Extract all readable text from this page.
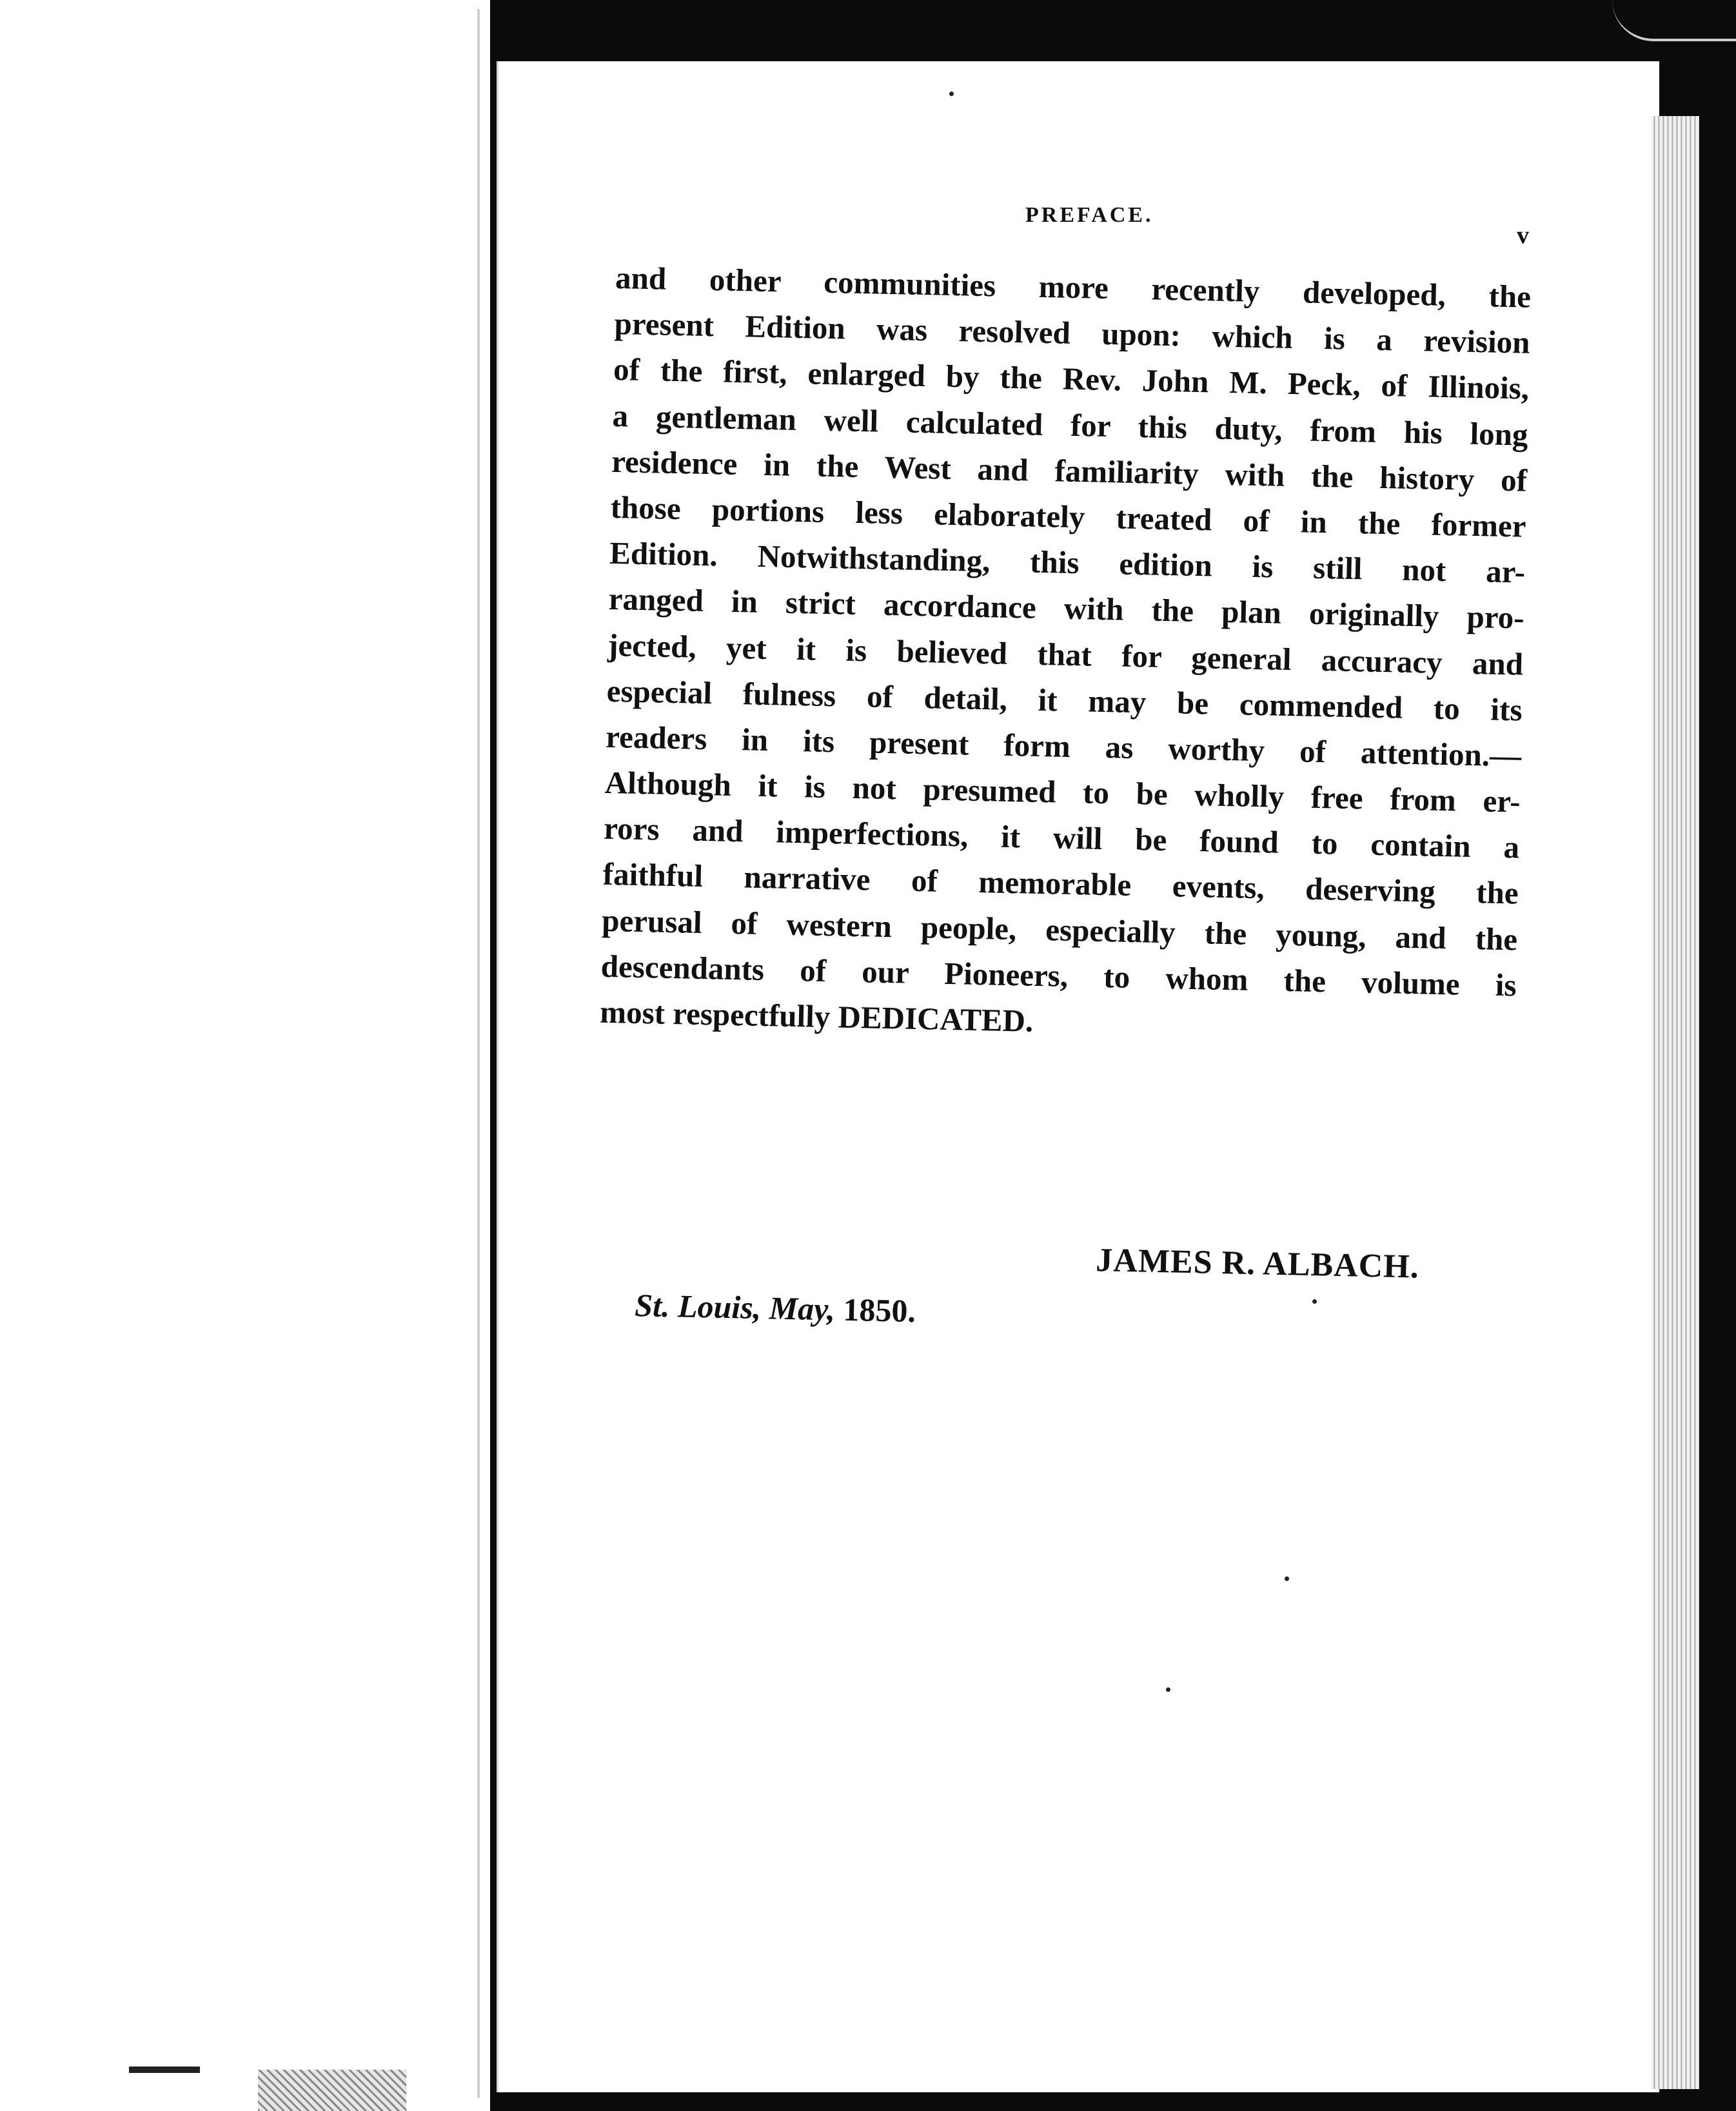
PREFACE.
v
and other communities more recently developed, the
present Edition was resolved upon: which is a revision
of the first, enlarged by the Rev. John M. Peck, of Illinois,
a gentleman well calculated for this duty, from his long
residence in the West and familiarity with the history of
those portions less elaborately treated of in the former
Edition. Notwithstanding, this edition is still not ar-
ranged in strict accordance with the plan originally pro-
jected, yet it is believed that for general accuracy and
especial fulness of detail, it may be commended to its
readers in its present form as worthy of attention.—
Although it is not presumed to be wholly free from er-
rors and imperfections, it will be found to contain a
faithful narrative of memorable events, deserving the
perusal of western people, especially the young, and the
descendants of our Pioneers, to whom the volume is
most respectfully DEDICATED.
JAMES R. ALBACH.
St. Louis, May, 1850.
